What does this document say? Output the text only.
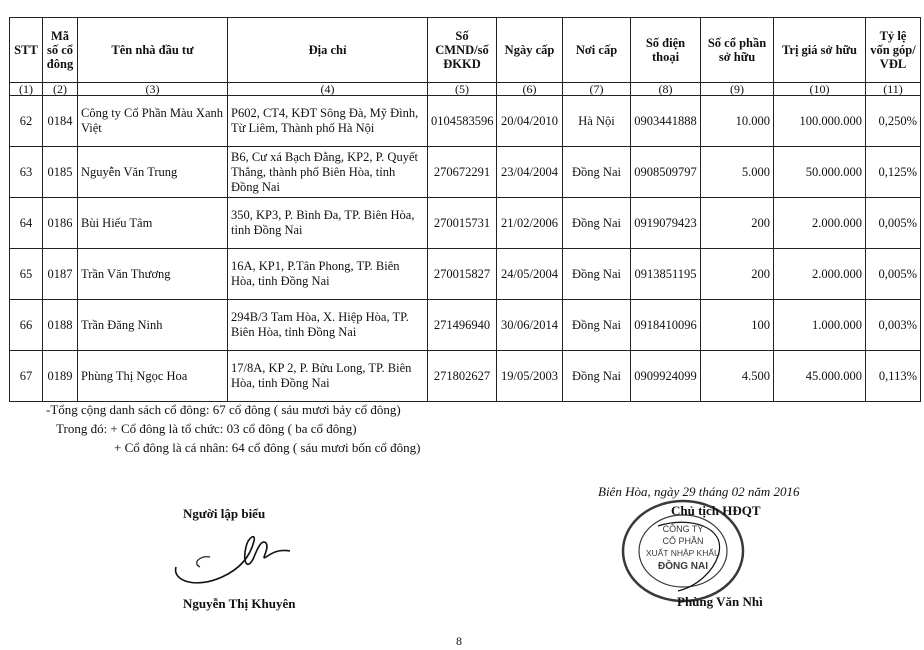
STT	Mã số cổ đông	Tên nhà đầu tư	Địa chỉ	Số CMND/số ĐKKD	Ngày cấp	Nơi cấp	Số điện thoại	Số cổ phần sở hữu	Trị giá sở hữu	Tỷ lệ vốn góp/ VĐL
(1)	(2)	(3)	(4)	(5)	(6)	(7)	(8)	(9)	(10)	(11)
62	0184	Công ty Cổ Phần Màu Xanh Việt	P602, CT4, KĐT Sông Đà, Mỹ Đình, Từ Liêm, Thành phố Hà Nội	0104583596	20/04/2010	Hà Nội	0903441888	10.000	100.000.000	0,250%
63	0185	Nguyễn Văn Trung	B6, Cư xá Bạch Đằng, KP2, P. Quyết Thắng, thành phố Biên Hòa, tỉnh Đồng Nai	270672291	23/04/2004	Đồng Nai	0908509797	5.000	50.000.000	0,125%
64	0186	Bùi Hiếu Tâm	350, KP3, P. Bình Đa, TP. Biên Hòa, tỉnh Đồng Nai	270015731	21/02/2006	Đồng Nai	0919079423	200	2.000.000	0,005%
65	0187	Trần Văn Thương	16A, KP1, P.Tân Phong, TP. Biên Hòa, tỉnh Đồng Nai	270015827	24/05/2004	Đồng Nai	0913851195	200	2.000.000	0,005%
66	0188	Trần Đăng Ninh	294B/3 Tam Hòa, X. Hiệp Hòa, TP. Biên Hòa, tỉnh Đồng Nai	271496940	30/06/2014	Đồng Nai	0918410096	100	1.000.000	0,003%
67	0189	Phùng Thị Ngọc Hoa	17/8A, KP 2, P. Bửu Long, TP. Biên Hòa, tỉnh Đồng Nai	271802627	19/05/2003	Đồng Nai	0909924099	4.500	45.000.000	0,113%
-Tổng cộng danh sách cổ đông: 67 cổ đông ( sáu mươi bảy cổ đông)
Trong đó: + Cổ đông là tổ chức: 03 cổ đông ( ba cổ đông)
+ Cổ đông là cá nhân: 64 cổ đông ( sáu mươi bốn cổ đông)
Người lập biểu
Nguyễn Thị Khuyên
Biên Hòa, ngày 29 tháng 02 năm 2016
CÔNG TY
CỔ PHẦN
XUẤT NHẬP KHẨU
ĐỒNG NAI
Chủ tịch HĐQT
Phùng Văn Nhì
8
